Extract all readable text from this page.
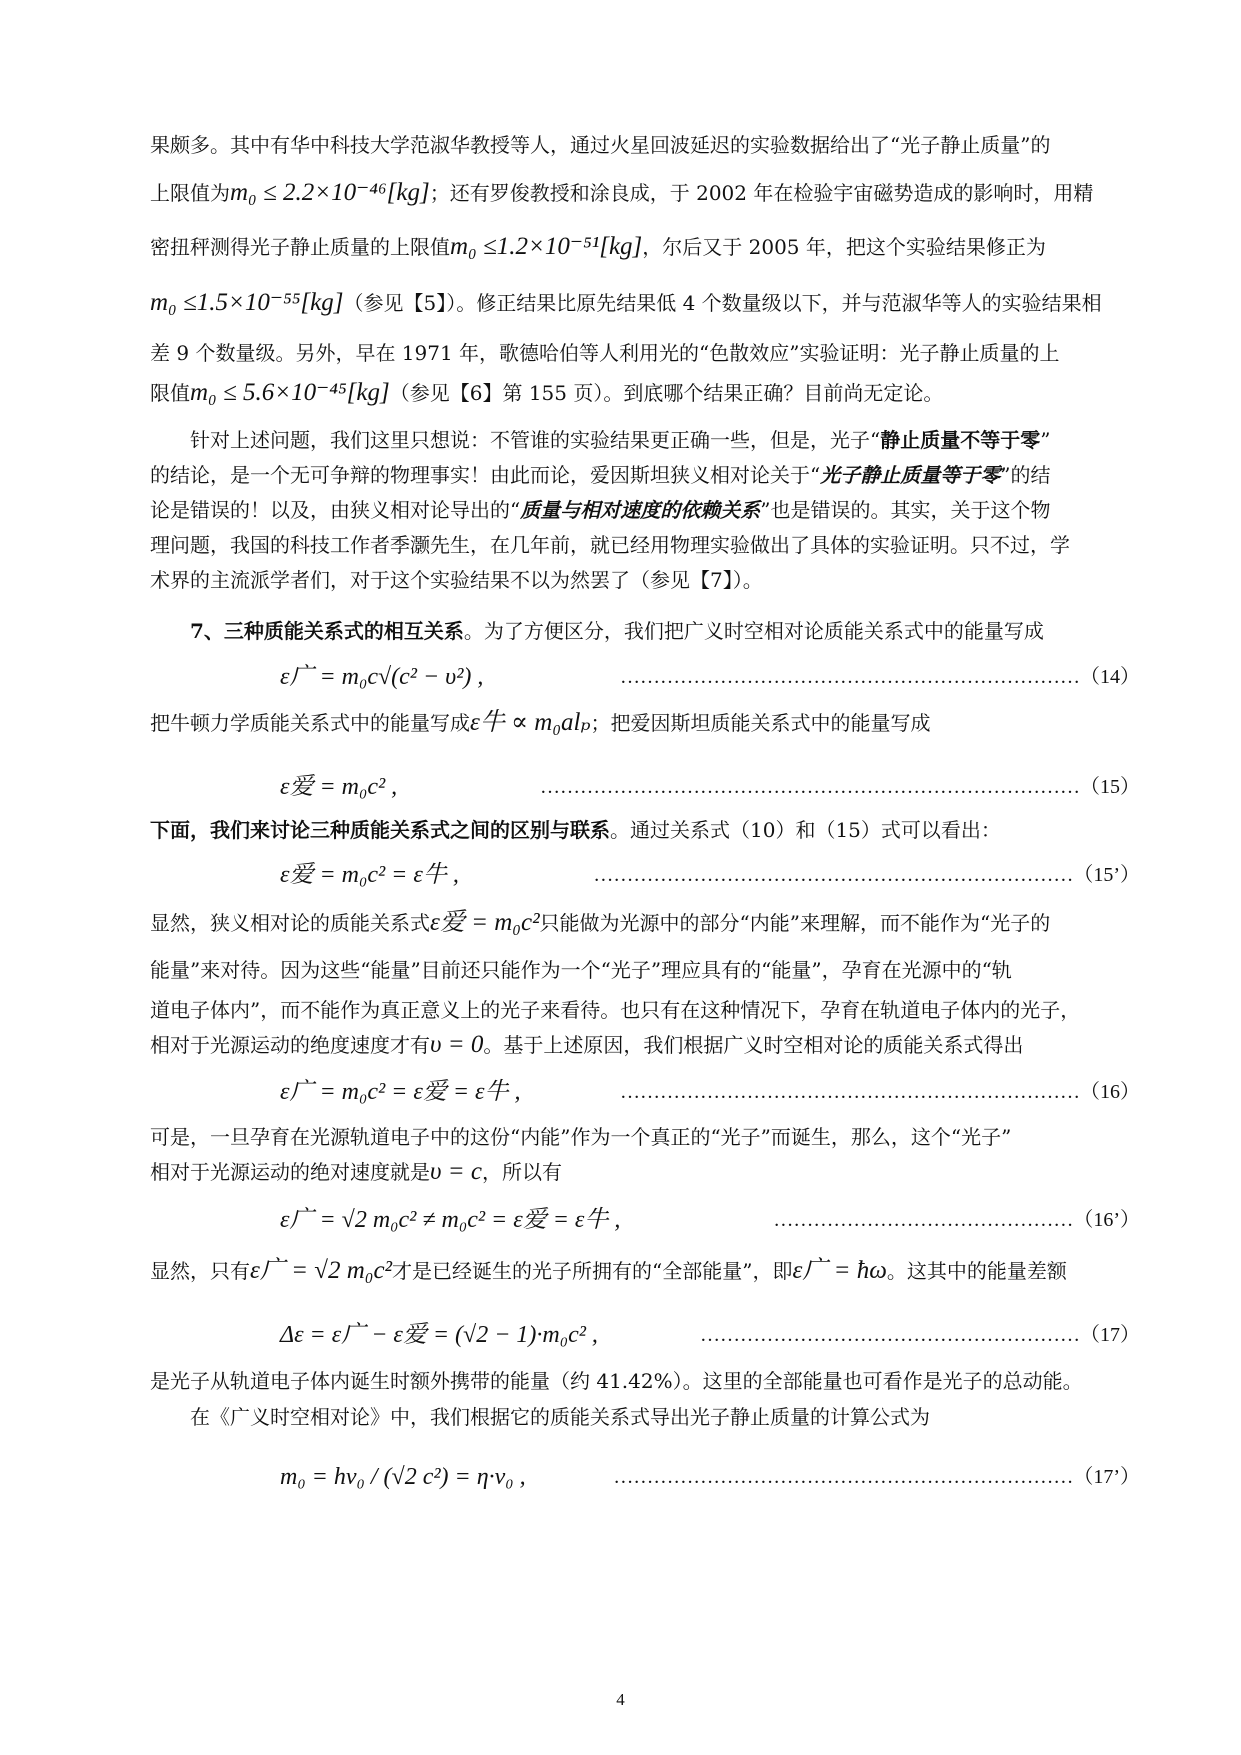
果颇多。其中有华中科技大学范淑华教授等人，通过火星回波延迟的实验数据给出了“光子静止质量”的
上限值为m₀ ≤ 2.2×10⁻⁴⁶[kg]；还有罗俊教授和涂良成，于 2002 年在检验宇宙磁势造成的影响时，用精
密扭秤测得光子静止质量的上限值m₀ ≤1.2×10⁻⁵¹[kg]，尔后又于 2005 年，把这个实验结果修正为
m₀ ≤1.5×10⁻⁵⁵[kg]（参见【5】）。修正结果比原先结果低 4 个数量级以下，并与范淑华等人的实验结果相
差 9 个数量级。另外，早在 1971 年，歌德哈伯等人利用光的“色散效应”实验证明：光子静止质量的上
限值m₀ ≤ 5.6×10⁻⁴⁵[kg]（参见【6】第 155 页）。到底哪个结果正确？目前尚无定论。
针对上述问题，我们这里只想说：不管谁的实验结果更正确一些，但是，光子“静止质量不等于零”
的结论，是一个无可争辩的物理事实！由此而论，爱因斯坦狭义相对论关于“光子静止质量等于零”的结
论是错误的！以及，由狭义相对论导出的“质量与相对速度的依赖关系”也是错误的。其实，关于这个物
理问题，我国的科技工作者季灏先生，在几年前，就已经用物理实验做出了具体的实验证明。只不过，学
术界的主流派学者们，对于这个实验结果不以为然罢了（参见【7】）。
7、三种质能关系式的相互关系。为了方便区分，我们把广义时空相对论质能关系式中的能量写成
ε广 = m₀c√(c² − υ²) ,	……………………………………………………………（14）
把牛顿力学质能关系式中的能量写成ε牛 ∝ m₀alₚ；把爱因斯坦质能关系式中的能量写成
ε爱 = m₀c² ,	………………………………………………………………………（15）
下面，我们来讨论三种质能关系式之间的区别与联系。通过关系式（10）和（15）式可以看出：
ε爱 = m₀c² = ε牛 ,	………………………………………………………………（15’）
显然，狭义相对论的质能关系式ε爱 = m₀c²只能做为光源中的部分“内能”来理解，而不能作为“光子的
能量”来对待。因为这些“能量”目前还只能作为一个“光子”理应具有的“能量”，孕育在光源中的“轨
道电子体内”，而不能作为真正意义上的光子来看待。也只有在这种情况下，孕育在轨道电子体内的光子，
相对于光源运动的绝度速度才有υ = 0。基于上述原因，我们根据广义时空相对论的质能关系式得出
ε广 = m₀c² = ε爱 = ε牛 ,	……………………………………………………………（16）
可是，一旦孕育在光源轨道电子中的这份“内能”作为一个真正的“光子”而诞生，那么，这个“光子”
相对于光源运动的绝对速度就是υ = c，所以有
ε广 = √2 m₀c² ≠ m₀c² = ε爱 = ε牛 ,	………………………………………（16’）
显然，只有ε广 = √2 m₀c²才是已经诞生的光子所拥有的“全部能量”，即ε广 = ħω。这其中的能量差额
Δε = ε广 − ε爱 = (√2 − 1)·m₀c² ,	…………………………………………………（17）
是光子从轨道电子体内诞生时额外携带的能量（约 41.42%）。这里的全部能量也可看作是光子的总动能。
在《广义时空相对论》中，我们根据它的质能关系式导出光子静止质量的计算公式为
m₀ = hν₀ / (√2 c²) = η·ν₀ ,	……………………………………………………………（17’）
4
